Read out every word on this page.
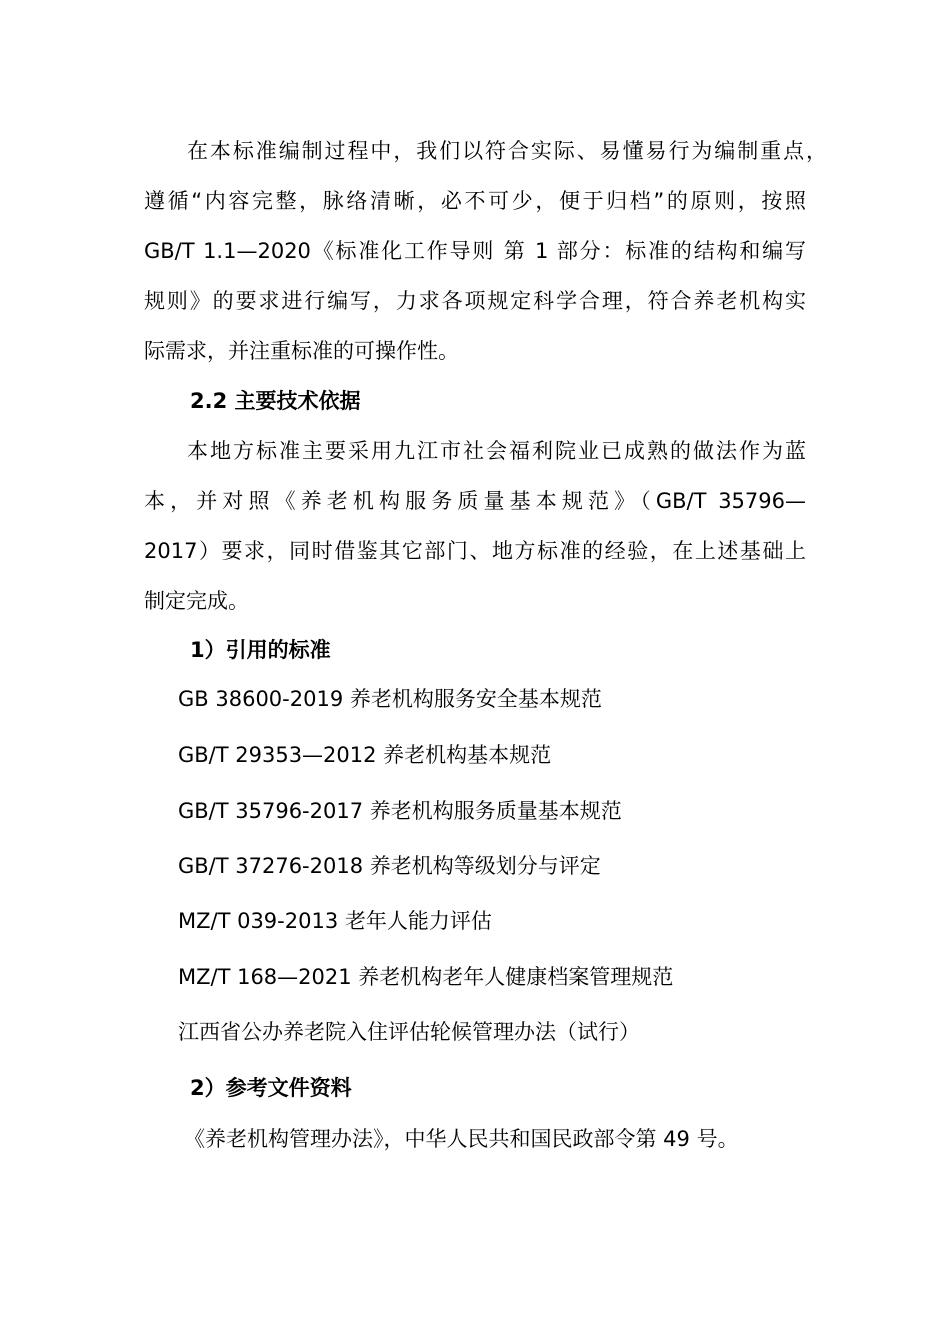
在本标准编制过程中，我们以符合实际、易懂易行为编制重点，
遵循“内容完整，脉络清晰，必不可少，便于归档”的原则，按照
GB/T 1.1—2020《标准化工作导则 第 1 部分：标准的结构和编写
规则》的要求进行编写，力求各项规定科学合理，符合养老机构实
际需求，并注重标准的可操作性。
2.2 主要技术依据
本地方标准主要采用九江市社会福利院业已成熟的做法作为蓝
本，并对照《养老机构服务质量基本规范》（GB/T 35796—
2017）要求，同时借鉴其它部门、地方标准的经验，在上述基础上
制定完成。
1）引用的标准
GB 38600-2019 养老机构服务安全基本规范
GB/T 29353—2012 养老机构基本规范
GB/T 35796-2017 养老机构服务质量基本规范
GB/T 37276-2018 养老机构等级划分与评定
MZ/T 039-2013 老年人能力评估
MZ/T 168—2021 养老机构老年人健康档案管理规范
江西省公办养老院入住评估轮候管理办法（试行）
2）参考文件资料
《养老机构管理办法》，中华人民共和国民政部令第 49 号。
